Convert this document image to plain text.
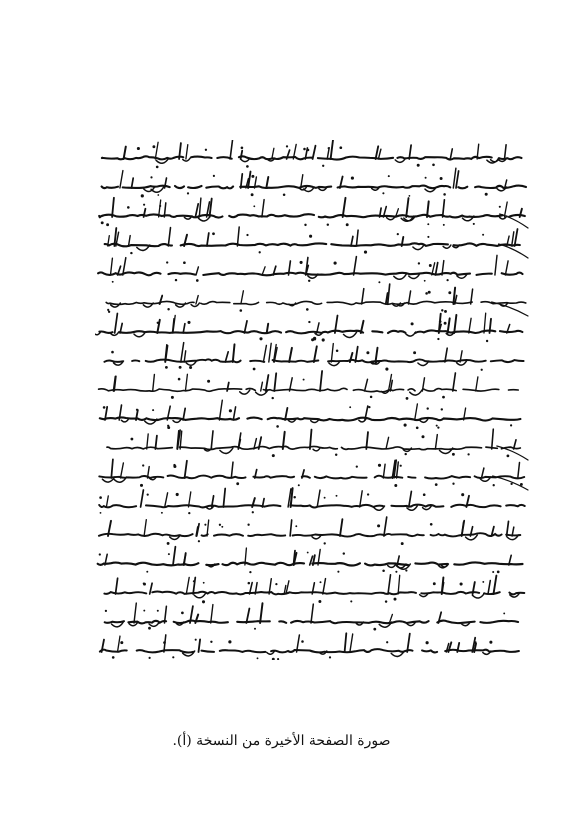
صورة الصفحة الأخيرة من النسخة (أ).
